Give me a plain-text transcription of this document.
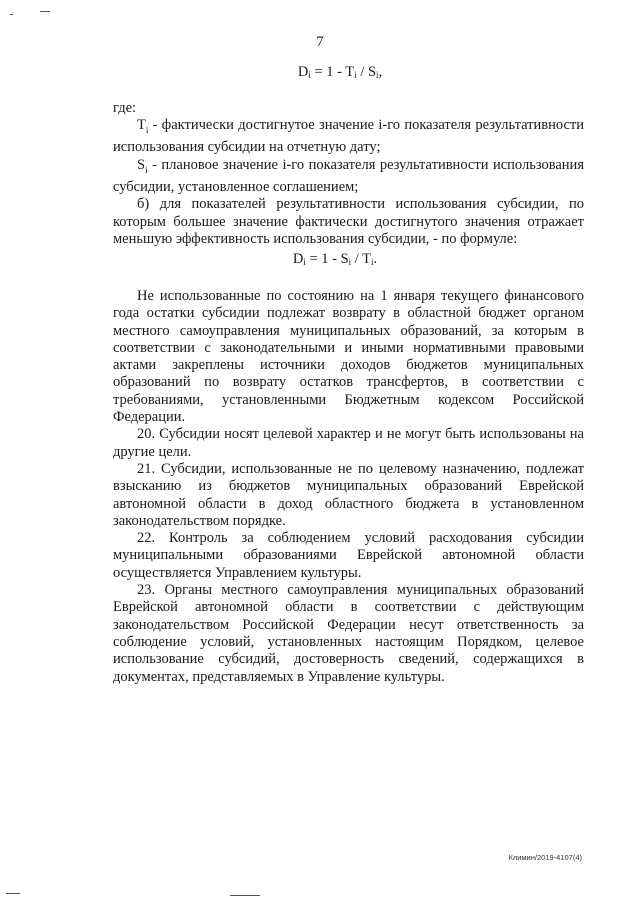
7
$D_i = 1 - T_i / S_i$,

где:

$T_i$ - фактически достигнутое значение i-го показателя результативности использования субсидии на отчетную дату;

$S_i$ - плановое значение i-го показателя результативности использования субсидии, установленное соглашением;

б) для показателей результативности использования субсидии, по которым большее значение фактически достигнутого значения отражает меньшую эффективность использования субсидии, - по формуле:

$D_i = 1 - S_i / T_i$.

Не использованные по состоянию на 1 января текущего финансового года остатки субсидии подлежат возврату в областной бюджет органом местного самоуправления муниципальных образований, за которым в соответствии с законодательными и иными нормативными правовыми актами закреплены источники доходов бюджетов муниципальных образований по возврату остатков трансфертов, в соответствии с требованиями, установленными Бюджетным кодексом Российской Федерации.

20. Субсидии носят целевой характер и не могут быть использованы на другие цели.

21. Субсидии, использованные не по целевому назначению, подлежат взысканию из бюджетов муниципальных образований Еврейской автономной области в доход областного бюджета в установленном законодательством порядке.

22. Контроль за соблюдением условий расходования субсидии муниципальными образованиями Еврейской автономной области осуществляется Управлением культуры.

23. Органы местного самоуправления муниципальных образований Еврейской автономной области в соответствии с действующим законодательством Российской Федерации несут ответственность за соблюдение условий, установленных настоящим Порядком, целевое использование субсидий, достоверность сведений, содержащихся в документах, представляемых в Управление культуры.

Климин/2019-4107(4)
